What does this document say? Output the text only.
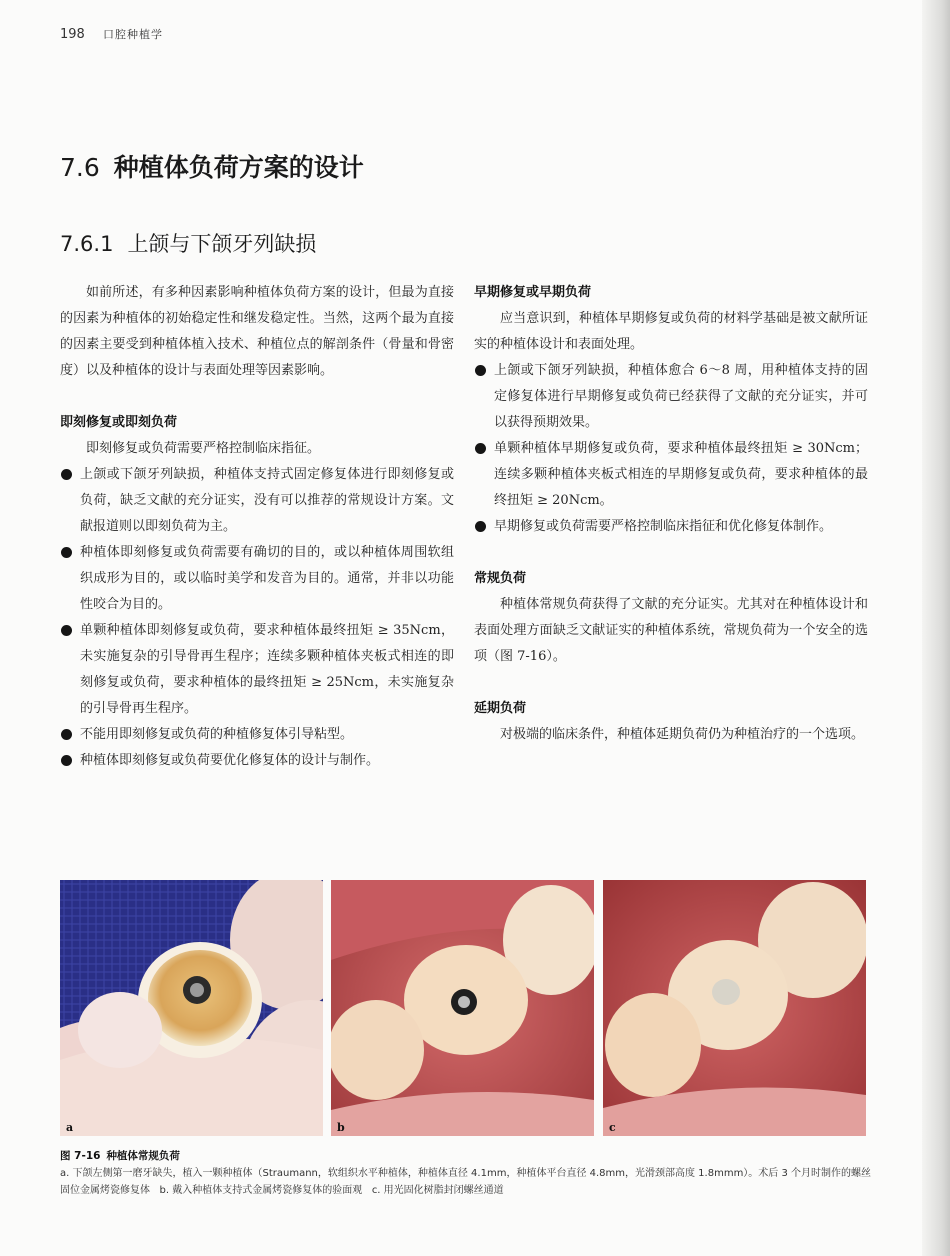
198 口腔种植学
7.6 种植体负荷方案的设计
7.6.1 上颌与下颌牙列缺损

如前所述，有多种因素影响种植体负荷方案的设计，但最为直接的因素为种植体的初始稳定性和继发稳定性。当然，这两个最为直接的因素主要受到种植体植入技术、种植位点的解剖条件（骨量和骨密度）以及种植体的设计与表面处理等因素影响。

即刻修复或即刻负荷

即刻修复或负荷需要严格控制临床指征。

上颌或下颌牙列缺损，种植体支持式固定修复体进行即刻修复或负荷，缺乏文献的充分证实，没有可以推荐的常规设计方案。文献报道则以即刻负荷为主。
种植体即刻修复或负荷需要有确切的目的，或以种植体周围软组织成形为目的，或以临时美学和发音为目的。通常，并非以功能性咬合为目的。
单颗种植体即刻修复或负荷，要求种植体最终扭矩 ≥ 35Ncm，未实施复杂的引导骨再生程序；连续多颗种植体夹板式相连的即刻修复或负荷，要求种植体的最终扭矩 ≥ 25Ncm，未实施复杂的引导骨再生程序。
不能用即刻修复或负荷的种植修复体引导粘型。
种植体即刻修复或负荷要优化修复体的设计与制作。

早期修复或早期负荷

应当意识到，种植体早期修复或负荷的材料学基础是被文献所证实的种植体设计和表面处理。

上颌或下颌牙列缺损，种植体愈合 6～8 周，用种植体支持的固定修复体进行早期修复或负荷已经获得了文献的充分证实，并可以获得预期效果。
单颗种植体早期修复或负荷，要求种植体最终扭矩 ≥ 30Ncm；连续多颗种植体夹板式相连的早期修复或负荷，要求种植体的最终扭矩 ≥ 20Ncm。
早期修复或负荷需要严格控制临床指征和优化修复体制作。

常规负荷

种植体常规负荷获得了文献的充分证实。尤其对在种植体设计和表面处理方面缺乏文献证实的种植体系统，常规负荷为一个安全的选项（图 7-16）。

延期负荷

对极端的临床条件，种植体延期负荷仍为种植治疗的一个选项。

a	b	c
图 7-16 种植体常规负荷
a. 下颌左侧第一磨牙缺失，植入一颗种植体（Straumann，软组织水平种植体，种植体直径 4.1mm，种植体平台直径 4.8mm，光滑颈部高度 1.8mmm）。术后 3 个月时制作的螺丝固位金属烤瓷修复体 b. 戴入种植体支持式金属烤瓷修复体的验面观 c. 用光固化树脂封闭螺丝通道
